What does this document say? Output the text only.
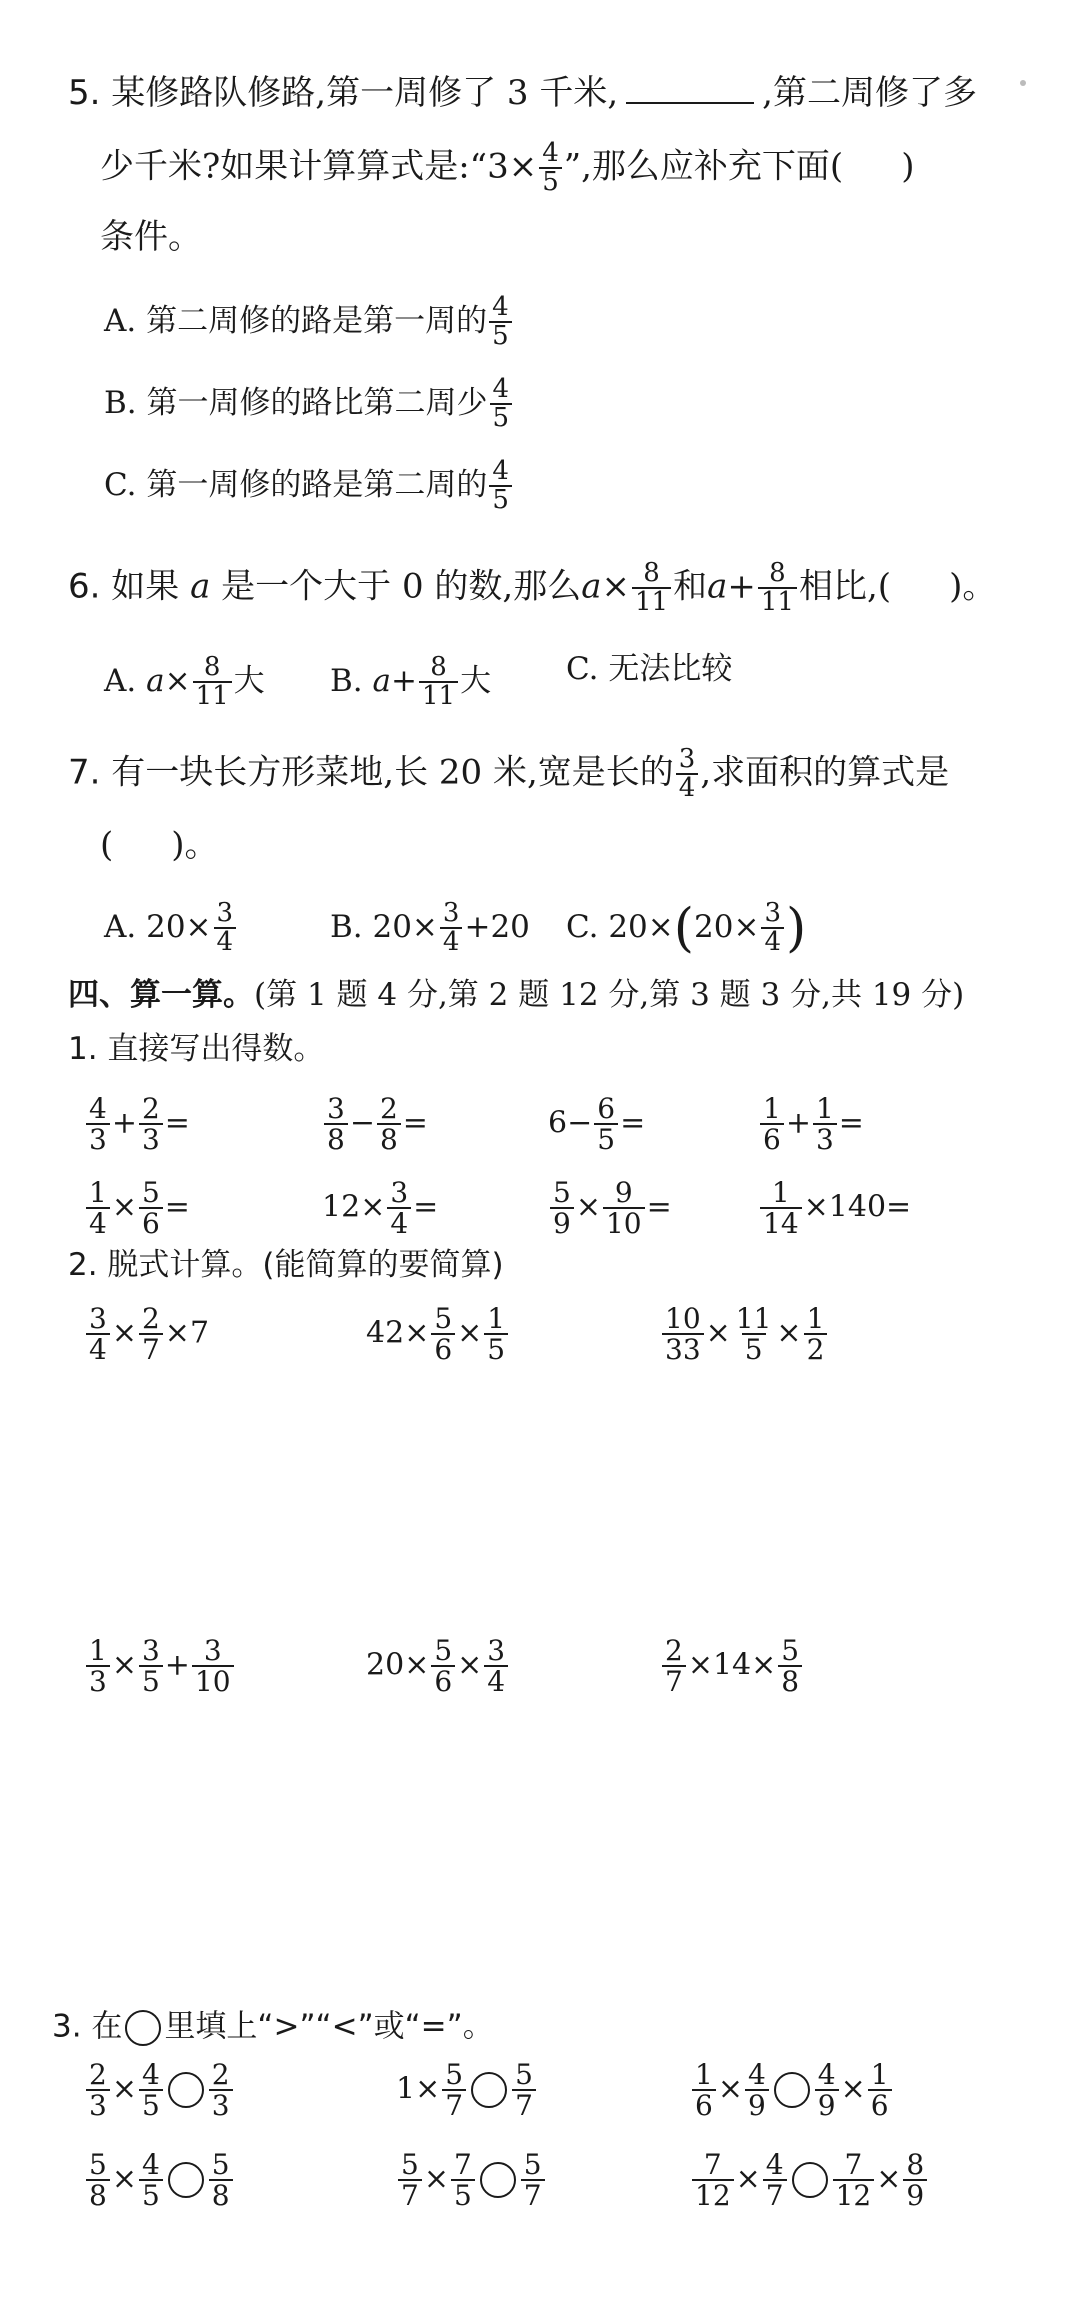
5. 某修路队修路,第一周修了 3 千米,	,第二周修了多
少千米?如果计算算式是:“3× $\frac{4}{5}$ ”,那么应补充下面( )
条件。
A. 第二周修的路是第一周的 $\frac{4}{5}$
B. 第一周修的路比第二周少 $\frac{4}{5}$
C. 第一周修的路是第二周的 $\frac{4}{5}$
6. 如果 a 是一个大于 0 的数,那么$a\times \frac{8}{11}$ 和$a+ \frac{8}{11}$ 相比,( )。
A. $a\times \frac{8}{11}$ 大 B. $a+ \frac{8}{11}$ 大 C. 无法比较
7. 有一块长方形菜地,长 20 米,宽是长的 $\frac{3}{4}$ ,求面积的算式是
( )。
A. $20\times \frac{3}{4}$	B. $20\times \frac{3}{4} +20$ C. $20\times(20\times \frac{3}{4}$ )
四、算一算。(第 1 题 4 分,第 2 题 12 分,第 3 题 3 分,共 19 分)
1. 直接写出得数。
$\frac{4}{3} + \frac{2}{3}$ =	$\frac{3}{8} - \frac{2}{8}$ =	$6- \frac{6}{5}$ =	$\frac{1}{6} + \frac{1}{3}$ =
$\frac{1}{4} \times \frac{5}{6}$ =	$12\times \frac{3}{4}$ =	$\frac{5}{9} \times \frac{9}{10}$ =	$\frac{1}{14} \times 140=$
2. 脱式计算。(能简算的要简算)
$\frac{3}{4} \times \frac{2}{7} \times 7$	$42\times \frac{5}{6} \times \frac{1}{5}$	$\frac{10}{33} \times \frac{11}{5} \times \frac{1}{2}$
$\frac{1}{3} \times \frac{3}{5} + \frac{3}{10}$	$20\times \frac{5}{6} \times \frac{3}{4}$	$\frac{2}{7} \times 14\times \frac{5}{8}$
3. 在 里填上“>”“<”或“=”。
$\frac{2}{3} \times \frac{4}{5} \frac{2}{3}$	$1\times \frac{5}{7} \frac{5}{7}$	$\frac{1}{6} \times \frac{4}{9} \frac{4}{9} \times \frac{1}{6}$
$\frac{5}{8} \times \frac{4}{5} \frac{5}{8}$	$\frac{5}{7} \times \frac{7}{5} \frac{5}{7}$	$\frac{7}{12} \times \frac{4}{7} \frac{7}{12} \times \frac{8}{9}$
